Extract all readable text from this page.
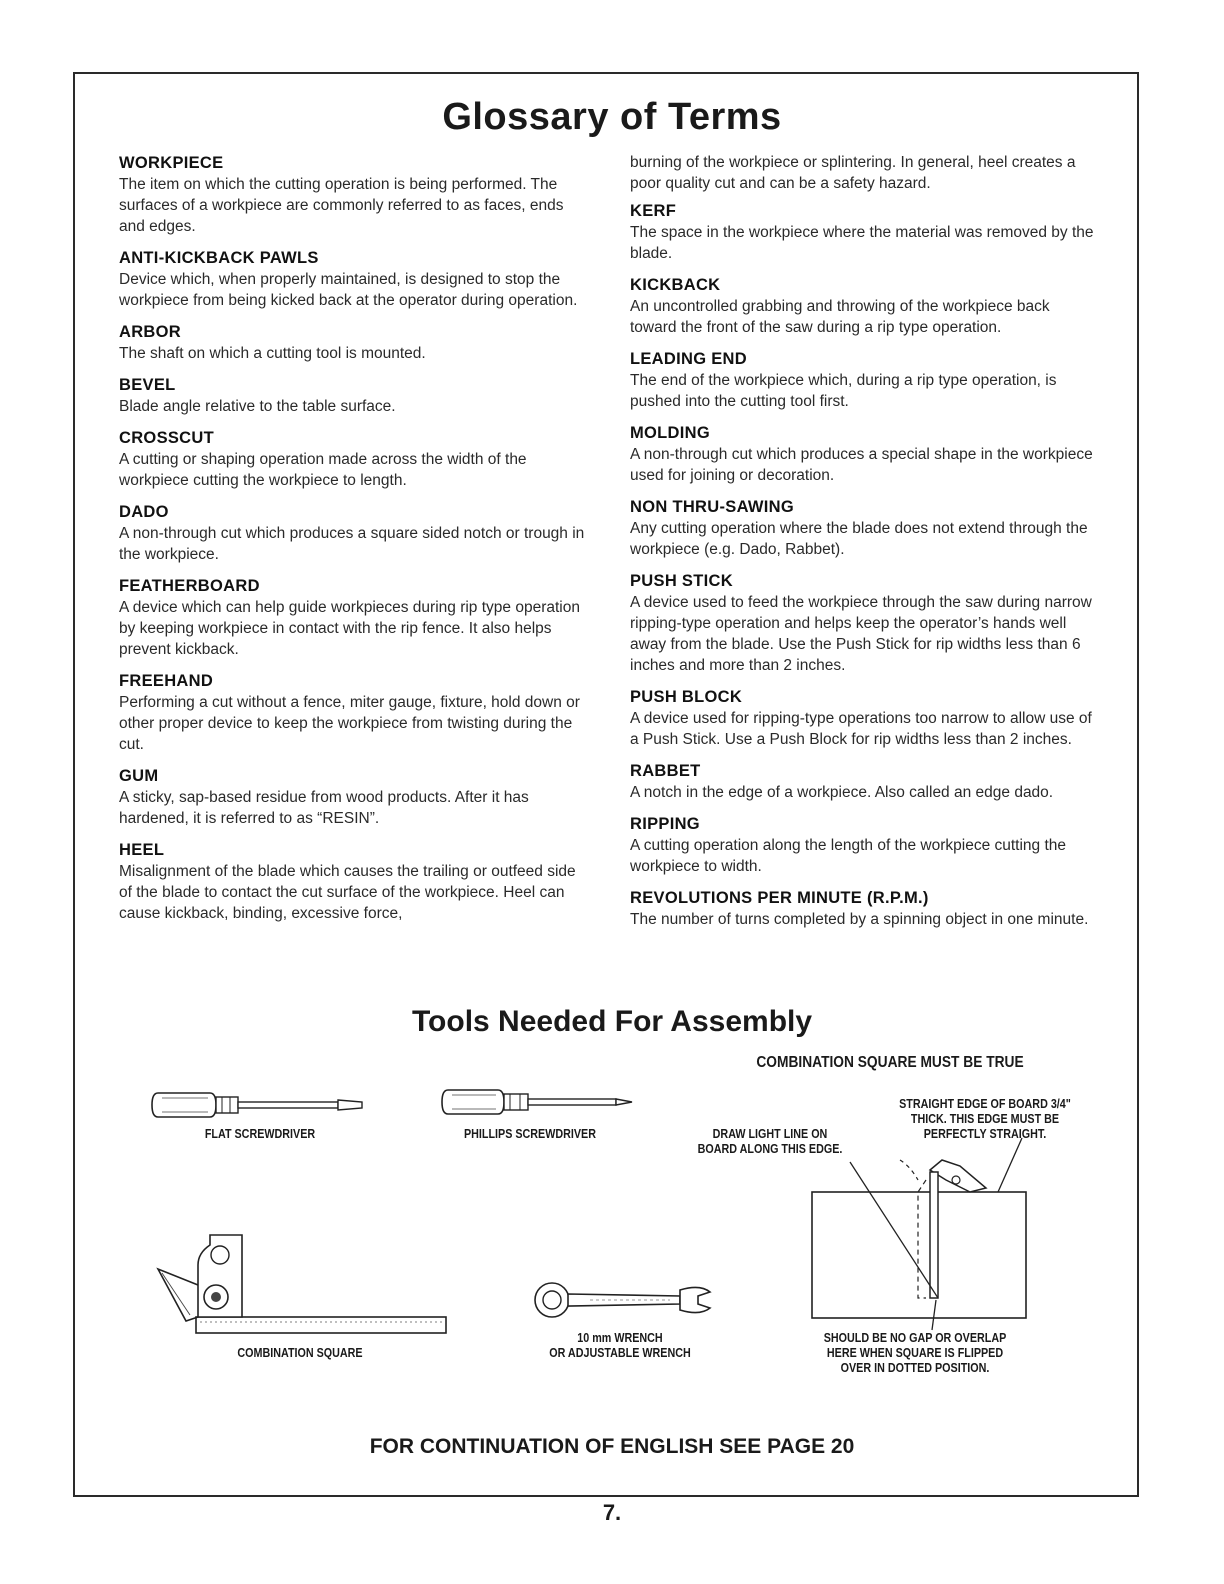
Glossary of Terms

WORKPIECE

The item on which the cutting operation is being performed. The surfaces of a workpiece are commonly referred to as faces, ends and edges.

ANTI-KICKBACK PAWLS

Device which, when properly maintained, is designed to stop the workpiece from being kicked back at the operator during operation.

ARBOR

The shaft on which a cutting tool is mounted.

BEVEL

Blade angle relative to the table surface.

CROSSCUT

A cutting or shaping operation made across the width of the workpiece cutting the workpiece to length.

DADO

A non-through cut which produces a square sided notch or trough in the workpiece.

FEATHERBOARD

A device which can help guide workpieces during rip type operation by keeping workpiece in contact with the rip fence. It also helps prevent kickback.

FREEHAND

Performing a cut without a fence, miter gauge, fixture, hold down or other proper device to keep the workpiece from twisting during the cut.

GUM

A sticky, sap-based residue from wood products. After it has hardened, it is referred to as “RESIN”.

HEEL

Misalignment of the blade which causes the trailing or outfeed side of the blade to contact the cut surface of the workpiece. Heel can cause kickback, binding, excessive force,

burning of the workpiece or splintering. In general, heel creates a poor quality cut and can be a safety hazard.

KERF

The space in the workpiece where the material was removed by the blade.

KICKBACK

An uncontrolled grabbing and throwing of the workpiece back toward the front of the saw during a rip type operation.

LEADING END

The end of the workpiece which, during a rip type operation, is pushed into the cutting tool first.

MOLDING

A non-through cut which produces a special shape in the workpiece used for joining or decoration.

NON THRU-SAWING

Any cutting operation where the blade does not extend through the workpiece (e.g. Dado, Rabbet).

PUSH STICK

A device used to feed the workpiece through the saw during narrow ripping-type operation and helps keep the operator’s hands well away from the blade. Use the Push Stick for rip widths less than 6 inches and more than 2 inches.

PUSH BLOCK

A device used for ripping-type operations too narrow to allow use of a Push Stick. Use a Push Block for rip widths less than 2 inches.

RABBET

A notch in the edge of a workpiece. Also called an edge dado.

RIPPING

A cutting operation along the length of the workpiece cutting the workpiece to width.

REVOLUTIONS PER MINUTE (R.P.M.)

The number of turns completed by a spinning object in one minute.

Tools Needed For Assembly
FLAT SCREWDRIVER	PHILLIPS SCREWDRIVER
COMBINATION SQUARE
10 mm WRENCH
OR ADJUSTABLE WRENCH
COMBINATION SQUARE MUST BE TRUE
STRAIGHT EDGE OF BOARD 3/4"
THICK. THIS EDGE MUST BE
PERFECTLY STRAIGHT.
DRAW LIGHT LINE ON
BOARD ALONG THIS EDGE.
SHOULD BE NO GAP OR OVERLAP
HERE WHEN SQUARE IS FLIPPED
OVER IN DOTTED POSITION.

FOR CONTINUATION OF ENGLISH SEE PAGE 20

7.
